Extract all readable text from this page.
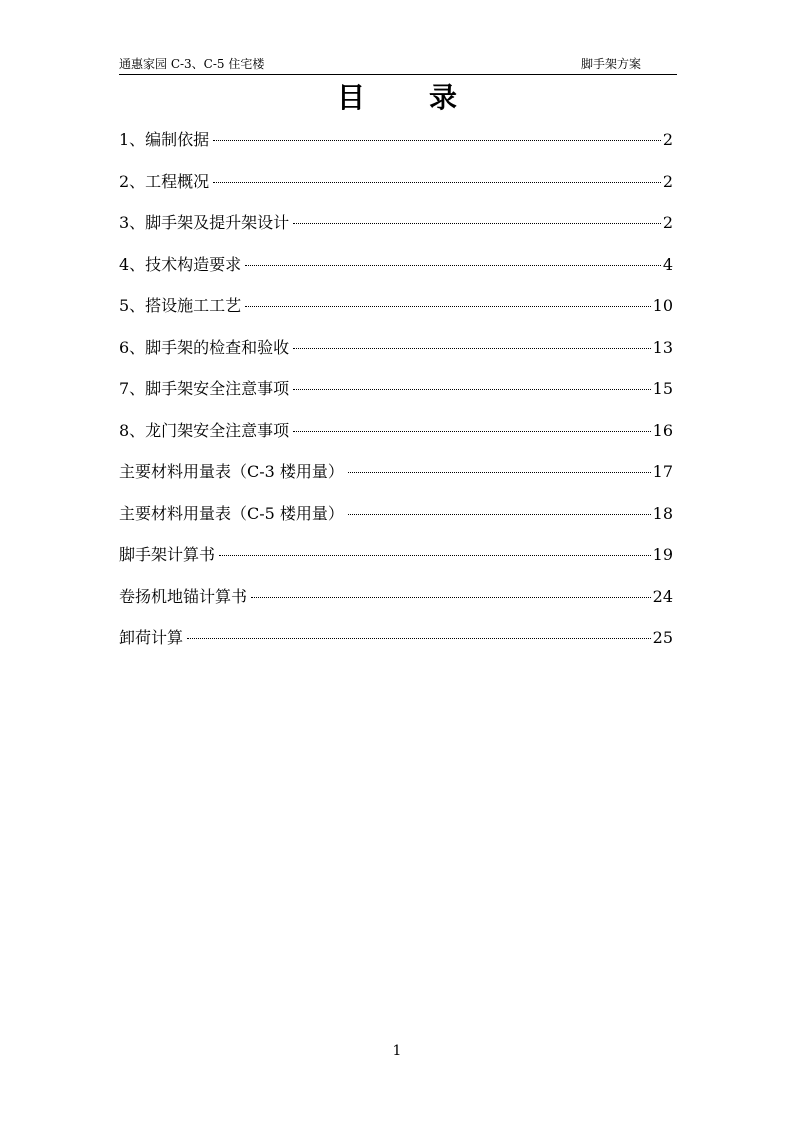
通惠家园 C-3、C-5 住宅楼	脚手架方案
目录
1、编制依据	2
2、工程概况	2
3、脚手架及提升架设计	2
4、技术构造要求	4
5、搭设施工工艺	10
6、脚手架的检查和验收	13
7、脚手架安全注意事项	15
8、龙门架安全注意事项	16
主要材料用量表（C-3 楼用量）	17
主要材料用量表（C-5 楼用量）	18
脚手架计算书	19
卷扬机地锚计算书	24
卸荷计算	25
1
